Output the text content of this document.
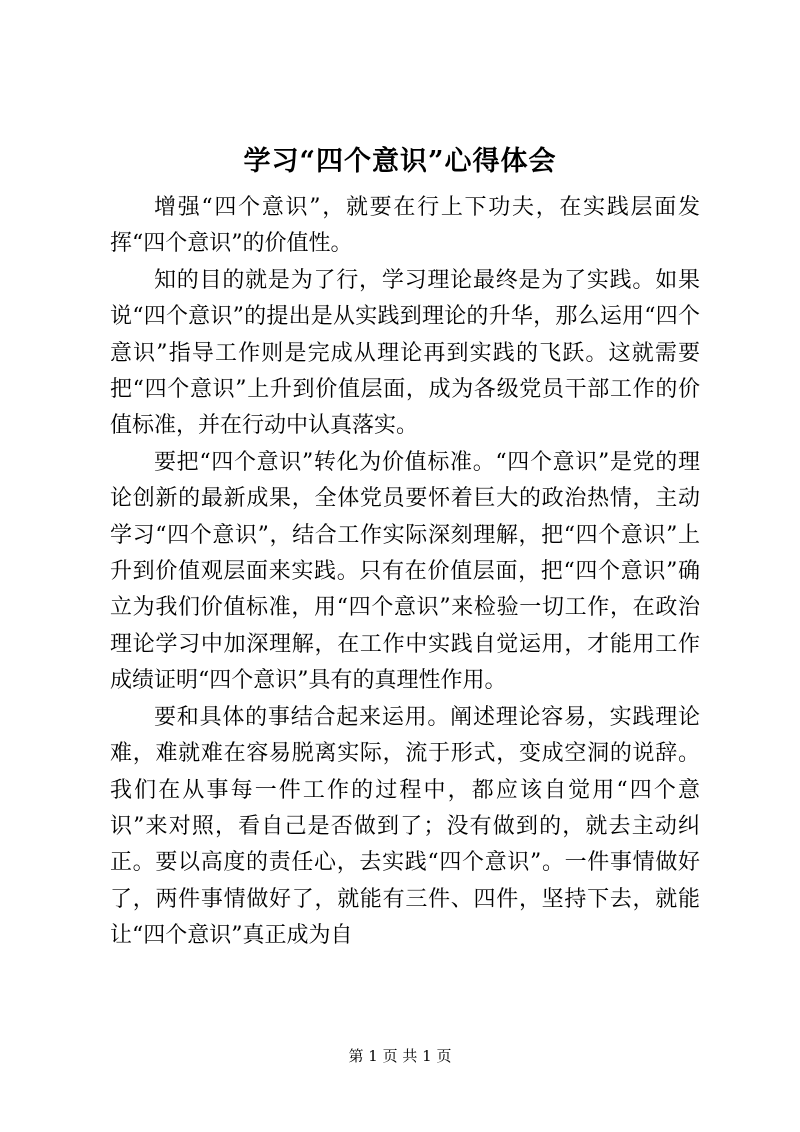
学习“四个意识”心得体会

增强“四个意识”，就要在行上下功夫，在实践层面发挥“四个意识”的价值性。

知的目的就是为了行，学习理论最终是为了实践。如果说“四个意识”的提出是从实践到理论的升华，那么运用“四个意识”指导工作则是完成从理论再到实践的飞跃。这就需要把“四个意识”上升到价值层面，成为各级党员干部工作的价值标准，并在行动中认真落实。

要把“四个意识”转化为价值标准。“四个意识”是党的理论创新的最新成果，全体党员要怀着巨大的政治热情，主动学习“四个意识”，结合工作实际深刻理解，把“四个意识”上升到价值观层面来实践。只有在价值层面，把“四个意识”确立为我们价值标准，用“四个意识”来检验一切工作，在政治理论学习中加深理解，在工作中实践自觉运用，才能用工作成绩证明“四个意识”具有的真理性作用。

要和具体的事结合起来运用。阐述理论容易，实践理论难，难就难在容易脱离实际，流于形式，变成空洞的说辞。我们在从事每一件工作的过程中，都应该自觉用“四个意识”来对照，看自己是否做到了；没有做到的，就去主动纠正。要以高度的责任心，去实践“四个意识”。一件事情做好了，两件事情做好了，就能有三件、四件，坚持下去，就能让“四个意识”真正成为自

第 1 页 共 1 页
